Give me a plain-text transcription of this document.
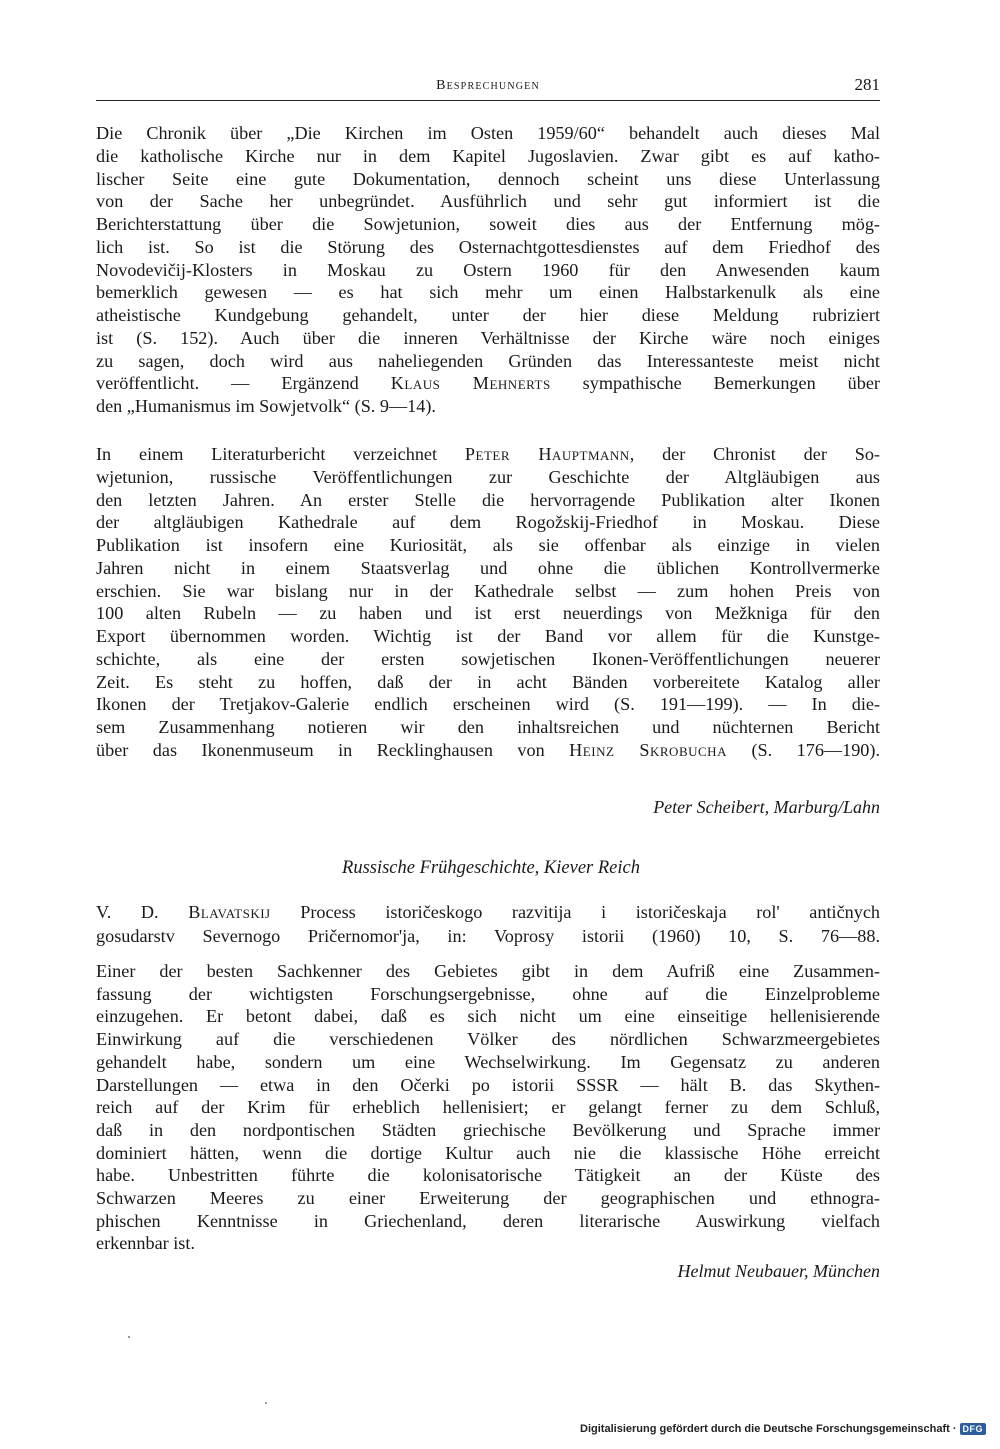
Besprechungen	281
Die Chronik über „Die Kirchen im Osten 1959/60“ behandelt auch dieses Mal
die katholische Kirche nur in dem Kapitel Jugoslavien. Zwar gibt es auf katho-
lischer Seite eine gute Dokumentation, dennoch scheint uns diese Unterlassung
von der Sache her unbegründet. Ausführlich und sehr gut informiert ist die
Berichterstattung über die Sowjetunion, soweit dies aus der Entfernung mög-
lich ist. So ist die Störung des Osternachtgottesdienstes auf dem Friedhof des
Novodevičij-Klosters in Moskau zu Ostern 1960 für den Anwesenden kaum
bemerklich gewesen — es hat sich mehr um einen Halbstarkenulk als eine
atheistische Kundgebung gehandelt, unter der hier diese Meldung rubriziert
ist (S. 152). Auch über die inneren Verhältnisse der Kirche wäre noch einiges
zu sagen, doch wird aus naheliegenden Gründen das Interessanteste meist nicht
veröffentlicht. — Ergänzend Klaus Mehnerts sympathische Bemerkungen über
den „Humanismus im Sowjetvolk“ (S. 9—14).
In einem Literaturbericht verzeichnet Peter Hauptmann, der Chronist der So-
wjetunion, russische Veröffentlichungen zur Geschichte der Altgläubigen aus
den letzten Jahren. An erster Stelle die hervorragende Publikation alter Ikonen
der altgläubigen Kathedrale auf dem Rogožskij-Friedhof in Moskau. Diese
Publikation ist insofern eine Kuriosität, als sie offenbar als einzige in vielen
Jahren nicht in einem Staatsverlag und ohne die üblichen Kontrollvermerke
erschien. Sie war bislang nur in der Kathedrale selbst — zum hohen Preis von
100 alten Rubeln — zu haben und ist erst neuerdings von Mežkniga für den
Export übernommen worden. Wichtig ist der Band vor allem für die Kunstge-
schichte, als eine der ersten sowjetischen Ikonen-Veröffentlichungen neuerer
Zeit. Es steht zu hoffen, daß der in acht Bänden vorbereitete Katalog aller
Ikonen der Tretjakov-Galerie endlich erscheinen wird (S. 191—199). — In die-
sem Zusammenhang notieren wir den inhaltsreichen und nüchternen Bericht
über das Ikonenmuseum in Recklinghausen von Heinz Skrobucha (S. 176—190).
Peter Scheibert, Marburg/Lahn
Russische Frühgeschichte, Kiever Reich
V. D. Blavatskij Process istoričeskogo razvitija i istoričeskaja rol' antičnych
gosudarstv Severnogo Pričernomor'ja, in: Voprosy istorii (1960) 10, S. 76—88.
Einer der besten Sachkenner des Gebietes gibt in dem Aufriß eine Zusammen-
fassung der wichtigsten Forschungsergebnisse, ohne auf die Einzelprobleme
einzugehen. Er betont dabei, daß es sich nicht um eine einseitige hellenisierende
Einwirkung auf die verschiedenen Völker des nördlichen Schwarzmeergebietes
gehandelt habe, sondern um eine Wechselwirkung. Im Gegensatz zu anderen
Darstellungen — etwa in den Očerki po istorii SSSR — hält B. das Skythen-
reich auf der Krim für erheblich hellenisiert; er gelangt ferner zu dem Schluß,
daß in den nordpontischen Städten griechische Bevölkerung und Sprache immer
dominiert hätten, wenn die dortige Kultur auch nie die klassische Höhe erreicht
habe. Unbestritten führte die kolonisatorische Tätigkeit an der Küste des
Schwarzen Meeres zu einer Erweiterung der geographischen und ethnogra-
phischen Kenntnisse in Griechenland, deren literarische Auswirkung vielfach
erkennbar ist.
Helmut Neubauer, München
Digitalisierung gefördert durch die Deutsche Forschungsgemeinschaft · DFG
